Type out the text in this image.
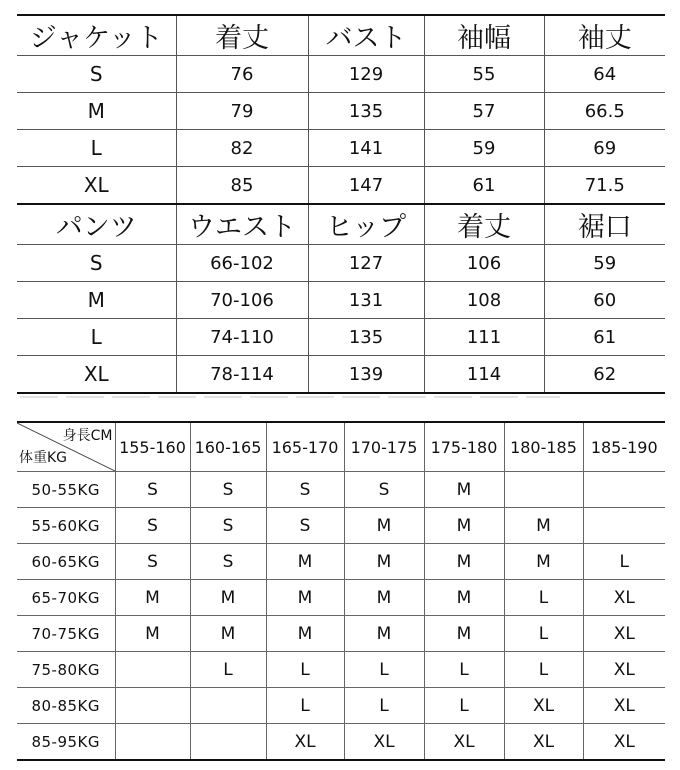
ジャケット	着丈	バスト	袖幅	袖丈
S	76	129	55	64
M	79	135	57	66.5
L	82	141	59	69
XL	85	147	61	71.5
パンツ	ウエスト	ヒップ	着丈	裾口
S	66-102	127	106	59
M	70-106	131	108	60
L	74-110	135	111	61
XL	78-114	139	114	62
身長CM
体重KG	155-160	160-165	165-170	170-175	175-180	180-185	185-190
50-55KG	S	S	S	S	M		
55-60KG	S	S	S	M	M	M	
60-65KG	S	S	M	M	M	M	L
65-70KG	M	M	M	M	M	L	XL
70-75KG	M	M	M	M	M	L	XL
75-80KG		L	L	L	L	L	XL
80-85KG			L	L	L	XL	XL
85-95KG			XL	XL	XL	XL	XL
